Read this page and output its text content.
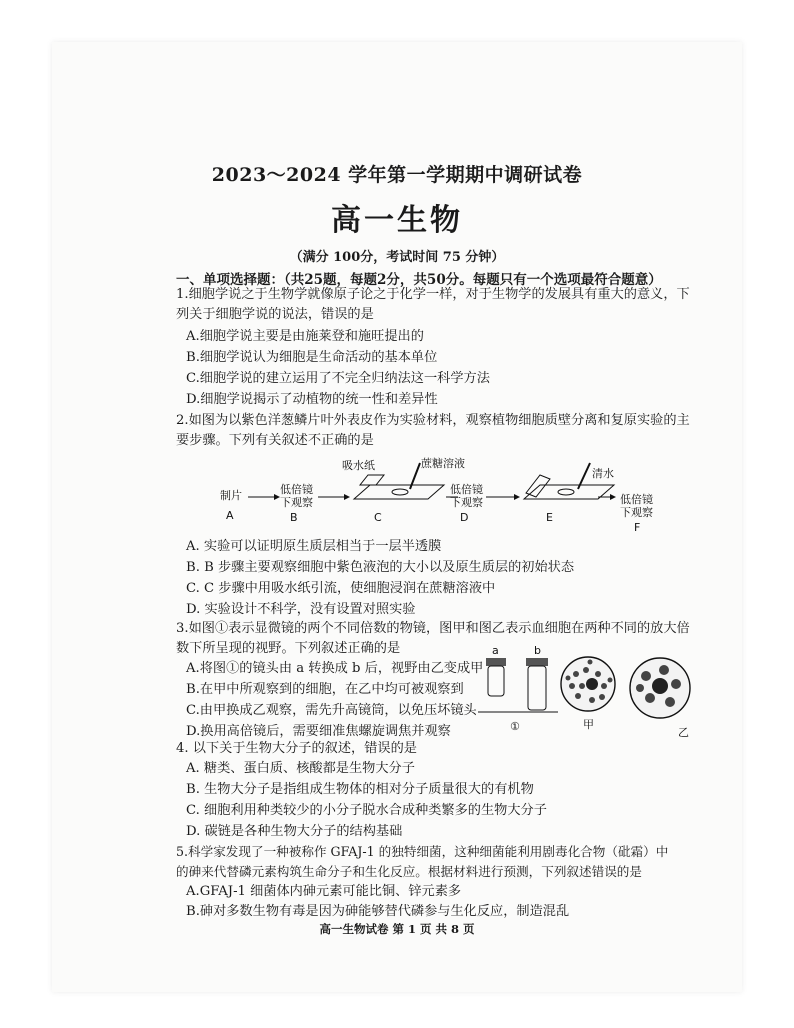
2023～2024 学年第一学期期中调研试卷
高一生物
（满分 100分，考试时间 75 分钟）
一、单项选择题：（共25题，每题2分，共50分。每题只有一个选项最符合题意）
1.细胞学说之于生物学就像原子论之于化学一样，对于生物学的发展具有重大的意义，下
列关于细胞学说的说法，错误的是
A.细胞学说主要是由施莱登和施旺提出的
B.细胞学说认为细胞是生命活动的基本单位
C.细胞学说的建立运用了不完全归纳法这一科学方法
D.细胞学说揭示了动植物的统一性和差异性
2.如图为以紫色洋葱鳞片叶外表皮作为实验材料，观察植物细胞质壁分离和复原实验的主
要步骤。下列有关叙述不正确的是
制片
A
低倍镜
下观察
B
吸水纸	蔗糖溶液
C
低倍镜
下观察
D
清水
E
低倍镜
下观察
F
A. 实验可以证明原生质层相当于一层半透膜
B. B 步骤主要观察细胞中紫色液泡的大小以及原生质层的初始状态
C. C 步骤中用吸水纸引流，使细胞浸润在蔗糖溶液中
D. 实验设计不科学，没有设置对照实验
3.如图①表示显微镜的两个不同倍数的物镜，图甲和图乙表示血细胞在两种不同的放大倍
数下所呈现的视野。下列叙述正确的是
A.将图①的镜头由 a 转换成 b 后，视野由乙变成甲
B.在甲中所观察到的细胞，在乙中均可被观察到
C.由甲换成乙观察，需先升高镜筒，以免压坏镜头
D.换用高倍镜后，需要细准焦螺旋调焦并观察
a	b
①	甲
乙
4. 以下关于生物大分子的叙述，错误的是
A. 糖类、蛋白质、核酸都是生物大分子
B. 生物大分子是指组成生物体的相对分子质量很大的有机物
C. 细胞利用种类较少的小分子脱水合成种类繁多的生物大分子
D. 碳链是各种生物大分子的结构基础
5.科学家发现了一种被称作 GFAJ-1 的独特细菌，这种细菌能利用剧毒化合物（砒霜）中
的砷来代替磷元素构筑生命分子和生化反应。根据材料进行预测，下列叙述错误的是
A.GFAJ-1 细菌体内砷元素可能比铜、锌元素多
B.砷对多数生物有毒是因为砷能够替代磷参与生化反应，制造混乱
高一生物试卷 第 1 页 共 8 页
